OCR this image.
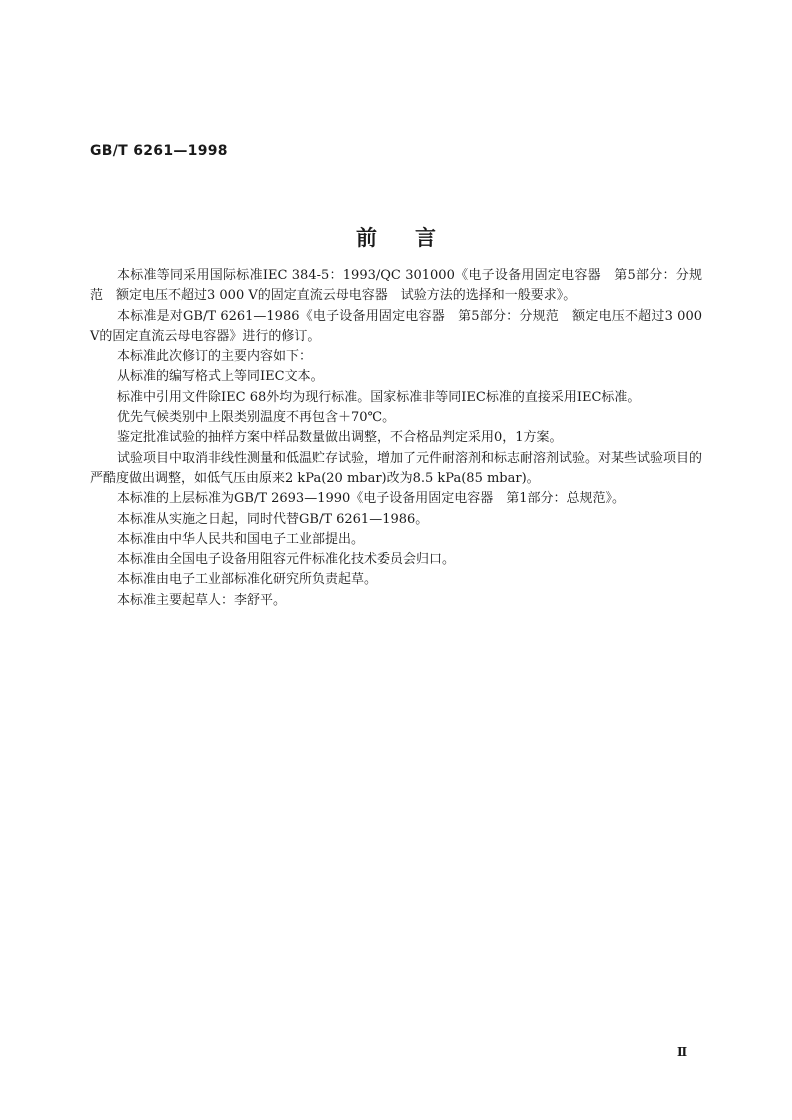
GB/T 6261—1998
前言

本标准等同采用国际标准IEC 384-5：1993/QC 301000《电子设备用固定电容器　第5部分：分规范　额定电压不超过3 000 V的固定直流云母电容器　试验方法的选择和一般要求》。

本标准是对GB/T 6261—1986《电子设备用固定电容器　第5部分：分规范　额定电压不超过3 000 V的固定直流云母电容器》进行的修订。

本标准此次修订的主要内容如下：

从标准的编写格式上等同IEC文本。

标准中引用文件除IEC 68外均为现行标准。国家标准非等同IEC标准的直接采用IEC标准。

优先气候类别中上限类别温度不再包含＋70℃。

鉴定批准试验的抽样方案中样品数量做出调整，不合格品判定采用0，1方案。

试验项目中取消非线性测量和低温贮存试验，增加了元件耐溶剂和标志耐溶剂试验。对某些试验项目的严酷度做出调整，如低气压由原来2 kPa(20 mbar)改为8.5 kPa(85 mbar)。

本标准的上层标准为GB/T 2693—1990《电子设备用固定电容器　第1部分：总规范》。

本标准从实施之日起，同时代替GB/T 6261—1986。

本标准由中华人民共和国电子工业部提出。

本标准由全国电子设备用阻容元件标准化技术委员会归口。

本标准由电子工业部标准化研究所负责起草。

本标准主要起草人：李舒平。

Ⅱ
